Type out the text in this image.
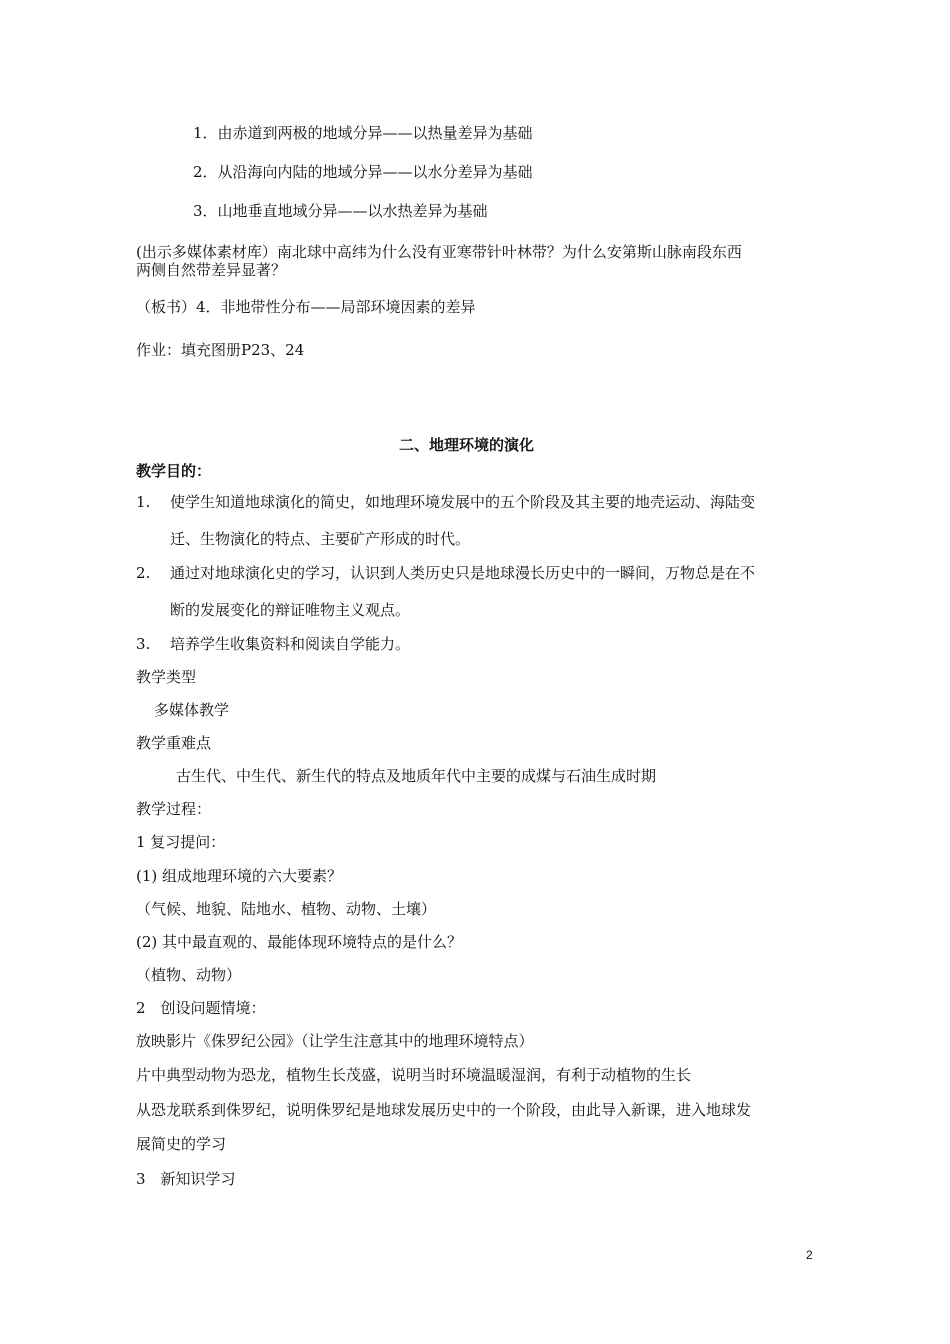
1．由赤道到两极的地域分异——以热量差异为基础
2．从沿海向内陆的地域分异——以水分差异为基础
3．山地垂直地域分异——以水热差异为基础
(出示多媒体素材库）南北球中高纬为什么没有亚寒带针叶林带？为什么安第斯山脉南段东西
两侧自然带差异显著？
（板书）4．非地带性分布——局部环境因素的差异
作业：填充图册P23、24
二、地理环境的演化
教学目的：
1. 使学生知道地球演化的简史，如地理环境发展中的五个阶段及其主要的地壳运动、海陆变
迁、生物演化的特点、主要矿产形成的时代。
2. 通过对地球演化史的学习，认识到人类历史只是地球漫长历史中的一瞬间，万物总是在不
断的发展变化的辩证唯物主义观点。
3. 培养学生收集资料和阅读自学能力。
教学类型
多媒体教学
教学重难点
古生代、中生代、新生代的特点及地质年代中主要的成煤与石油生成时期
教学过程：
1 复习提问：
(1) 组成地理环境的六大要素？
（气候、地貌、陆地水、植物、动物、土壤）
(2) 其中最直观的、最能体现环境特点的是什么？
（植物、动物）
2　创设问题情境：
放映影片《侏罗纪公园》（让学生注意其中的地理环境特点）
片中典型动物为恐龙，植物生长茂盛，说明当时环境温暖湿润，有利于动植物的生长
从恐龙联系到侏罗纪，说明侏罗纪是地球发展历史中的一个阶段，由此导入新课，进入地球发
展简史的学习
3　新知识学习
2
